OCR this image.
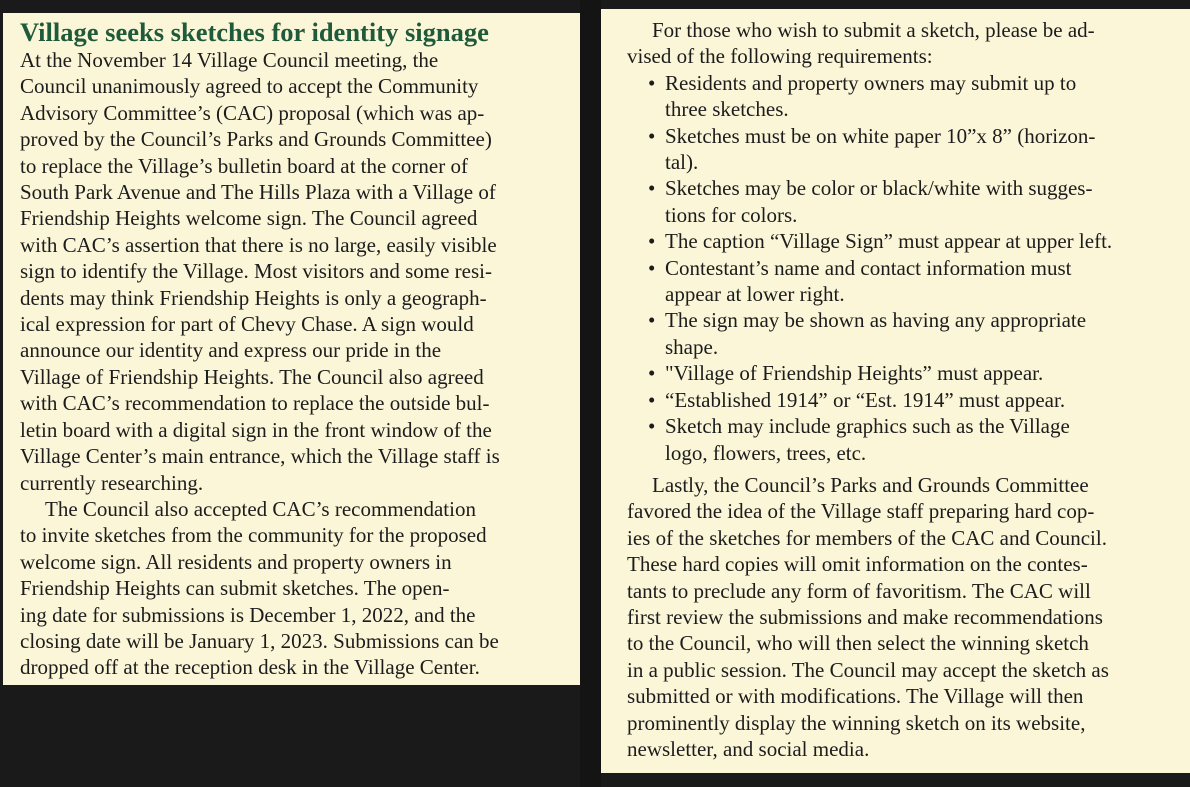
Village seeks sketches for identity signage
At the November 14 Village Council meeting, the
Council unanimously agreed to accept the Community
Advisory Committee’s (CAC) proposal (which was ap-
proved by the Council’s Parks and Grounds Committee)
to replace the Village’s bulletin board at the corner of
South Park Avenue and The Hills Plaza with a Village of
Friendship Heights welcome sign. The Council agreed
with CAC’s assertion that there is no large, easily visible
sign to identify the Village. Most visitors and some resi-
dents may think Friendship Heights is only a geograph-
ical expression for part of Chevy Chase. A sign would
announce our identity and express our pride in the
Village of Friendship Heights. The Council also agreed
with CAC’s recommendation to replace the outside bul-
letin board with a digital sign in the front window of the
Village Center’s main entrance, which the Village staff is
currently researching.
The Council also accepted CAC’s recommendation
to invite sketches from the community for the proposed
welcome sign. All residents and property owners in
Friendship Heights can submit sketches. The open-
ing date for submissions is December 1, 2022, and the
closing date will be January 1, 2023. Submissions can be
dropped off at the reception desk in the Village Center.
For those who wish to submit a sketch, please be ad-
vised of the following requirements:
• Residents and property owners may submit up to
three sketches.
• Sketches must be on white paper 10”x 8” (horizon-
tal).
• Sketches may be color or black/white with sugges-
tions for colors.
• The caption “Village Sign” must appear at upper left.
• Contestant’s name and contact information must
appear at lower right.
• The sign may be shown as having any appropriate
shape.
• "Village of Friendship Heights” must appear.
• “Established 1914” or “Est. 1914” must appear.
• Sketch may include graphics such as the Village
logo, flowers, trees, etc.
Lastly, the Council’s Parks and Grounds Committee
favored the idea of the Village staff preparing hard cop-
ies of the sketches for members of the CAC and Council.
These hard copies will omit information on the contes-
tants to preclude any form of favoritism. The CAC will
first review the submissions and make recommendations
to the Council, who will then select the winning sketch
in a public session. The Council may accept the sketch as
submitted or with modifications. The Village will then
prominently display the winning sketch on its website,
newsletter, and social media.
